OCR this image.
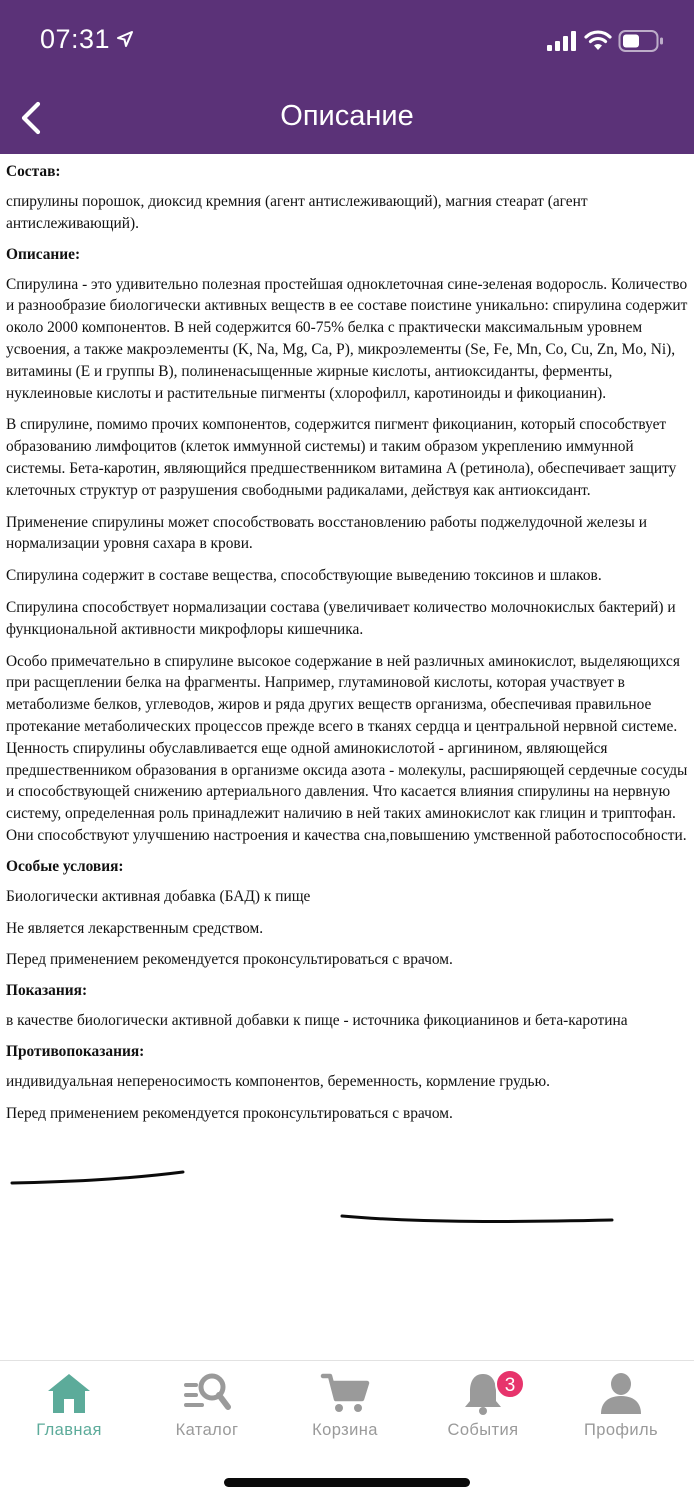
07:31
Описание
Состав:

спирулины порошок, диоксид кремния (агент антислеживающий), магния стеарат (агент антислеживающий).

Описание:

Спирулина - это удивительно полезная простейшая одноклеточная сине-зеленая водоросль. Количество и разнообразие биологически активных веществ в ее составе поистине уникально: спирулина содержит около 2000 компонентов. В ней содержится 60-75% белка с практически максимальным уровнем усвоения, а также макроэлементы (K, Na, Mg, Ca, P), микроэлементы (Se, Fe, Mn, Co, Cu, Zn, Mo, Ni), витамины (E и группы B), полиненасыщенные жирные кислоты, антиоксиданты, ферменты, нуклеиновые кислоты и растительные пигменты (хлорофилл, каротиноиды и фикоцианин).

В спирулине, помимо прочих компонентов, содержится пигмент фикоцианин, который способствует образованию лимфоцитов (клеток иммунной системы) и таким образом укреплению иммунной системы. Бета-каротин, являющийся предшественником витамина A (ретинола), обеспечивает защиту клеточных структур от разрушения свободными радикалами, действуя как антиоксидант.

Применение спирулины может способствовать восстановлению работы поджелудочной железы и нормализации уровня сахара в крови.

Спирулина содержит в составе вещества, способствующие выведению токсинов и шлаков.

Спирулина способствует нормализации состава (увеличивает количество молочнокислых бактерий) и функциональной активности микрофлоры кишечника.

Особо примечательно в спирулине высокое содержание в ней различных аминокислот, выделяющихся при расщеплении белка на фрагменты. Например, глутаминовой кислоты, которая участвует в метаболизме белков, углеводов, жиров и ряда других веществ организма, обеспечивая правильное протекание метаболических процессов прежде всего в тканях сердца и центральной нервной системе. Ценность спирулины обуславливается еще одной аминокислотой - аргинином, являющейся предшественником образования в организме оксида азота - молекулы, расширяющей сердечные сосуды и способствующей снижению артериального давления. Что касается влияния спирулины на нервную систему, определенная роль принадлежит наличию в ней таких аминокислот как глицин и триптофан. Они способствуют улучшению настроения и качества сна,повышению умственной работоспособности.

Особые условия:

Биологически активная добавка (БАД) к пище

Не является лекарственным средством.

Перед применением рекомендуется проконсультироваться с врачом.

Показания:

в качестве биологически активной добавки к пище - источника фикоцианинов и бета-каротина

Противопоказания:

индивидуальная непереносимость компонентов, беременность, кормление грудью.

Перед применением рекомендуется проконсультироваться с врачом.

Главная	Каталог	Корзина
3
События	Профиль
